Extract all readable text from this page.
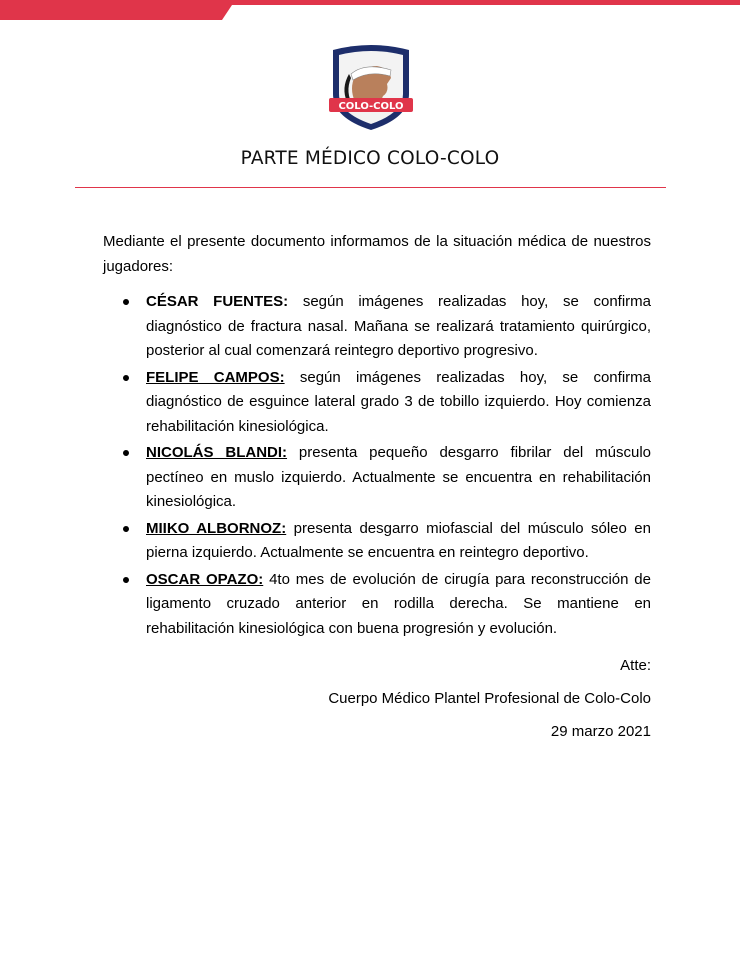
COLO-COLO
PARTE MÉDICO COLO-COLO
Mediante el presente documento informamos de la situación médica de nuestros jugadores:
CÉSAR FUENTES: según imágenes realizadas hoy, se confirma diagnóstico de fractura nasal. Mañana se realizará tratamiento quirúrgico, posterior al cual comenzará reintegro deportivo progresivo.
FELIPE CAMPOS: según imágenes realizadas hoy, se confirma diagnóstico de esguince lateral grado 3 de tobillo izquierdo. Hoy comienza rehabilitación kinesiológica.
NICOLÁS BLANDI: presenta pequeño desgarro fibrilar del músculo pectíneo en muslo izquierdo. Actualmente se encuentra en rehabilitación kinesiológica.
MIIKO ALBORNOZ: presenta desgarro miofascial del músculo sóleo en pierna izquierdo. Actualmente se encuentra en reintegro deportivo.
OSCAR OPAZO: 4to mes de evolución de cirugía para reconstrucción de ligamento cruzado anterior en rodilla derecha. Se mantiene en rehabilitación kinesiológica con buena progresión y evolución.
Atte:
Cuerpo Médico Plantel Profesional de Colo-Colo
29 marzo 2021
